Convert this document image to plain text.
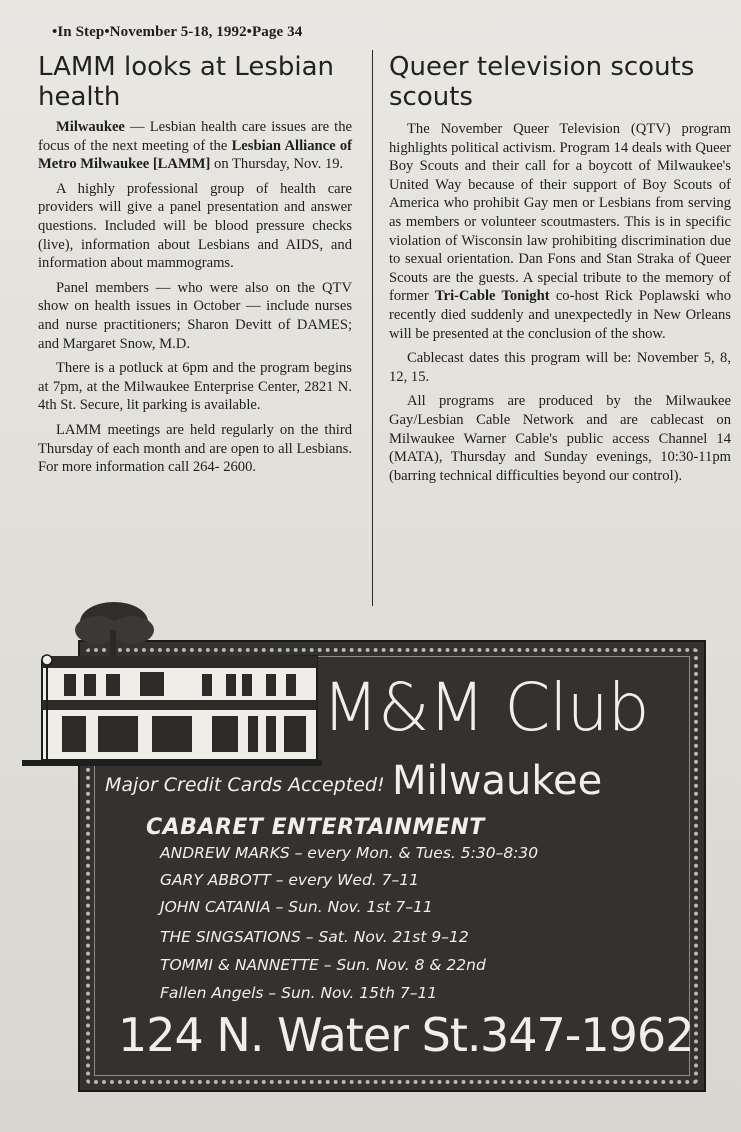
•In Step•November 5-18, 1992•Page 34
LAMM looks at Lesbian health

Milwaukee — Lesbian health care issues are the focus of the next meeting of the Lesbian Alliance of Metro Milwaukee [LAMM] on Thursday, Nov. 19.

A highly professional group of health care providers will give a panel presentation and answer questions. Included will be blood pressure checks (live), information about Lesbians and AIDS, and information about mammograms.

Panel members — who were also on the QTV show on health issues in October — include nurses and nurse practitioners; Sharon Devitt of DAMES; and Margaret Snow, M.D.

There is a potluck at 6pm and the program begins at 7pm, at the Milwaukee Enterprise Center, 2821 N. 4th St. Secure, lit parking is available.

LAMM meetings are held regularly on the third Thursday of each month and are open to all Lesbians. For more information call 264- 2600.

Queer television scouts scouts

The November Queer Television (QTV) program highlights political activism. Program 14 deals with Queer Boy Scouts and their call for a boycott of Milwaukee's United Way because of their support of Boy Scouts of America who prohibit Gay men or Lesbians from serving as members or volunteer scoutmasters. This is in specific violation of Wisconsin law prohibiting discrimination due to sexual orientation. Dan Fons and Stan Straka of Queer Scouts are the guests. A special tribute to the memory of former Tri-Cable Tonight co-host Rick Poplawski who recently died suddenly and unexpectedly in New Orleans will be presented at the conclusion of the show.

Cablecast dates this program will be: November 5, 8, 12, 15.

All programs are produced by the Milwaukee Gay/Lesbian Cable Network and are cablecast on Milwaukee Warner Cable's public access Channel 14 (MATA), Thursday and Sunday evenings, 10:30-11pm (barring technical difficulties beyond our control).

M&M Club
Milwaukee
Major Credit Cards Accepted!
CABARET ENTERTAINMENT
ANDREW MARKS – every Mon. & Tues. 5:30–8:30
GARY ABBOTT – every Wed. 7–11
JOHN CATANIA – Sun. Nov. 1st 7–11
THE SINGSATIONS – Sat. Nov. 21st 9–12
TOMMI & NANNETTE – Sun. Nov. 8 & 22nd
Fallen Angels – Sun. Nov. 15th 7–11
124 N. Water St. 347-1962
